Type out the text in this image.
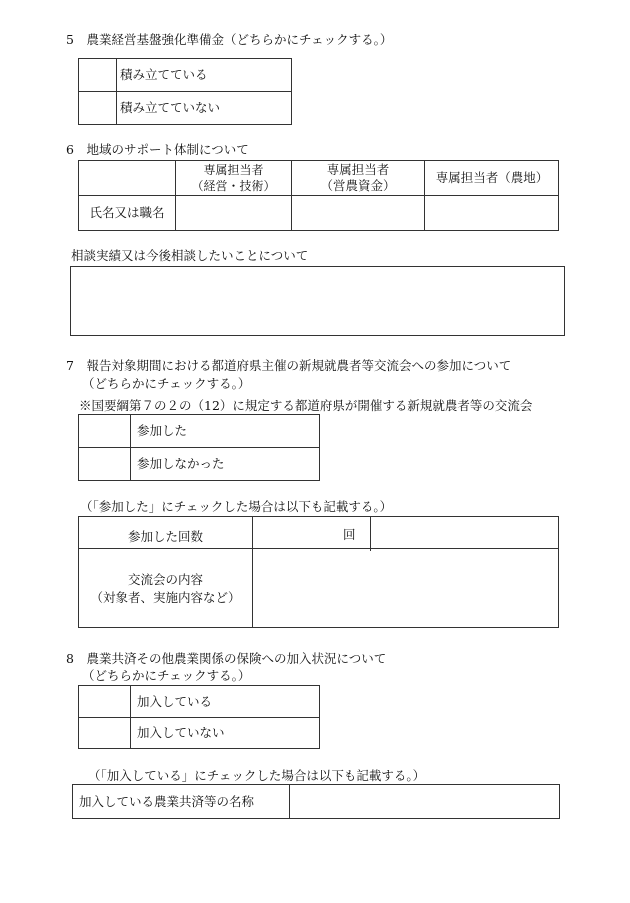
5　農業経営基盤強化準備金（どちらかにチェックする。）
積み立てている
積み立てていない
6　地域のサポート体制について
専属担当者
（経営・技術）
専属担当者
（営農資金）
専属担当者（農地）
氏名又は職名
相談実績又は今後相談したいことについて
7　報告対象期間における都道府県主催の新規就農者等交流会への参加について
（どちらかにチェックする。）
※国要綱第７の２の（12）に規定する都道府県が開催する新規就農者等の交流会
参加した
参加しなかった
（「参加した」にチェックした場合は以下も記載する。）
参加した回数	回
交流会の内容
（対象者、実施内容など）
8　農業共済その他農業関係の保険への加入状況について
（どちらかにチェックする。）
加入している
加入していない
（「加入している」にチェックした場合は以下も記載する。）
加入している農業共済等の名称
